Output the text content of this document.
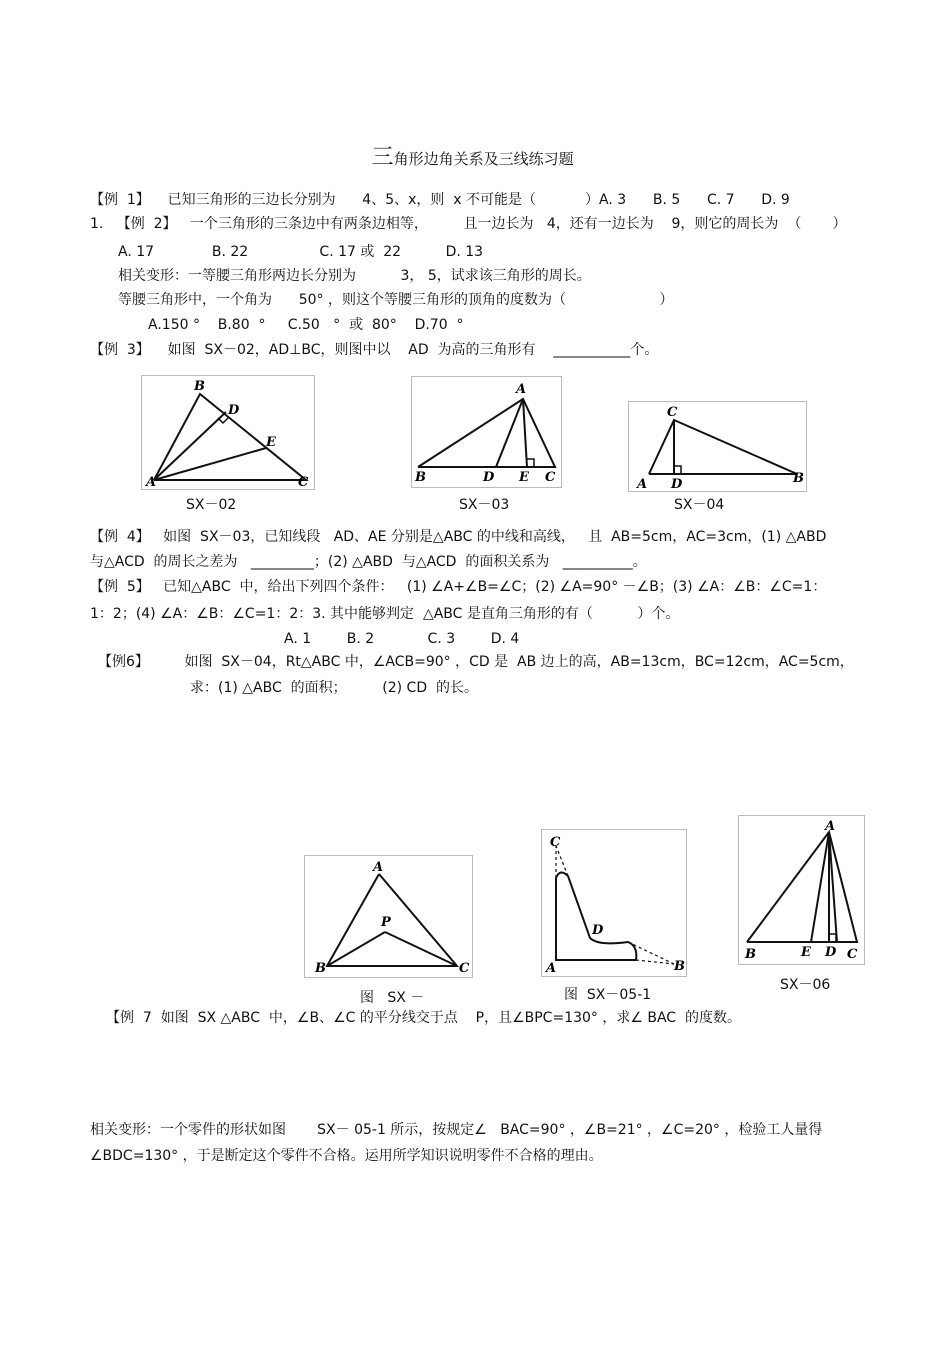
三角形边角关系及三线练习题

【例  1】    已知三角形的三边长分别为      4、5、x，则  x 不可能是（           ）A. 3      B. 5      C. 7      D. 9
1.   【例  2】   一个三角形的三条边中有两条边相等，        且一边长为   4，还有一边长为    9，则它的周长为  （       ）
A. 17             B. 22                C. 17 或  22          D. 13
相关变形：一等腰三角形两边长分别为          3， 5，试求该三角形的周长。
等腰三角形中，一个角为      50° ，则这个等腰三角形的顶角的度数为（                     ）
A.150 °    B.80  °     C.50   °  或  80°    D.70  °
【例  3】    如图  SX－02，AD⊥BC，则图中以    AD  为高的三角形有    ___________个。
B
A	C
D
E
SX－02
A
B	D E C
SX－03
C
A D	B
SX－04
【例  4】   如图  SX－03，已知线段   AD、AE 分别是△ABC 的中线和高线，   且  AB=5cm，AC=3cm，(1) △ABD
与△ACD  的周长之差为   _________；(2) △ABD  与△ACD  的面积关系为   __________。
【例  5】   已知△ABC  中，给出下列四个条件：   (1) ∠A+∠B=∠C；(2) ∠A=90° －∠B；(3) ∠A：∠B：∠C=1：
1：2；(4) ∠A：∠B：∠C=1：2：3. 其中能够判定  △ABC 是直角三角形的有（          ）个。
A. 1        B. 2            C. 3        D. 4
【例6】        如图  SX－04，Rt△ABC 中，∠ACB=90° ，CD 是  AB 边上的高，AB=13cm，BC=12cm，AC=5cm，
求：(1) △ABC  的面积；        (2) CD  的长。
A
P
B	C
图   SX －
C
D
A	B
图  SX－05-1
A
B	E D C
SX－06
【例  7  如图  SX △ABC  中，∠B、∠C 的平分线交于点    P，且∠BPC=130° ，求∠ BAC  的度数。
相关变形：一个零件的形状如图       SX－ 05-1 所示，按规定∠   BAC=90° ，∠B=21° ，∠C=20° ，检验工人量得
∠BDC=130° ，于是断定这个零件不合格。运用所学知识说明零件不合格的理由。
